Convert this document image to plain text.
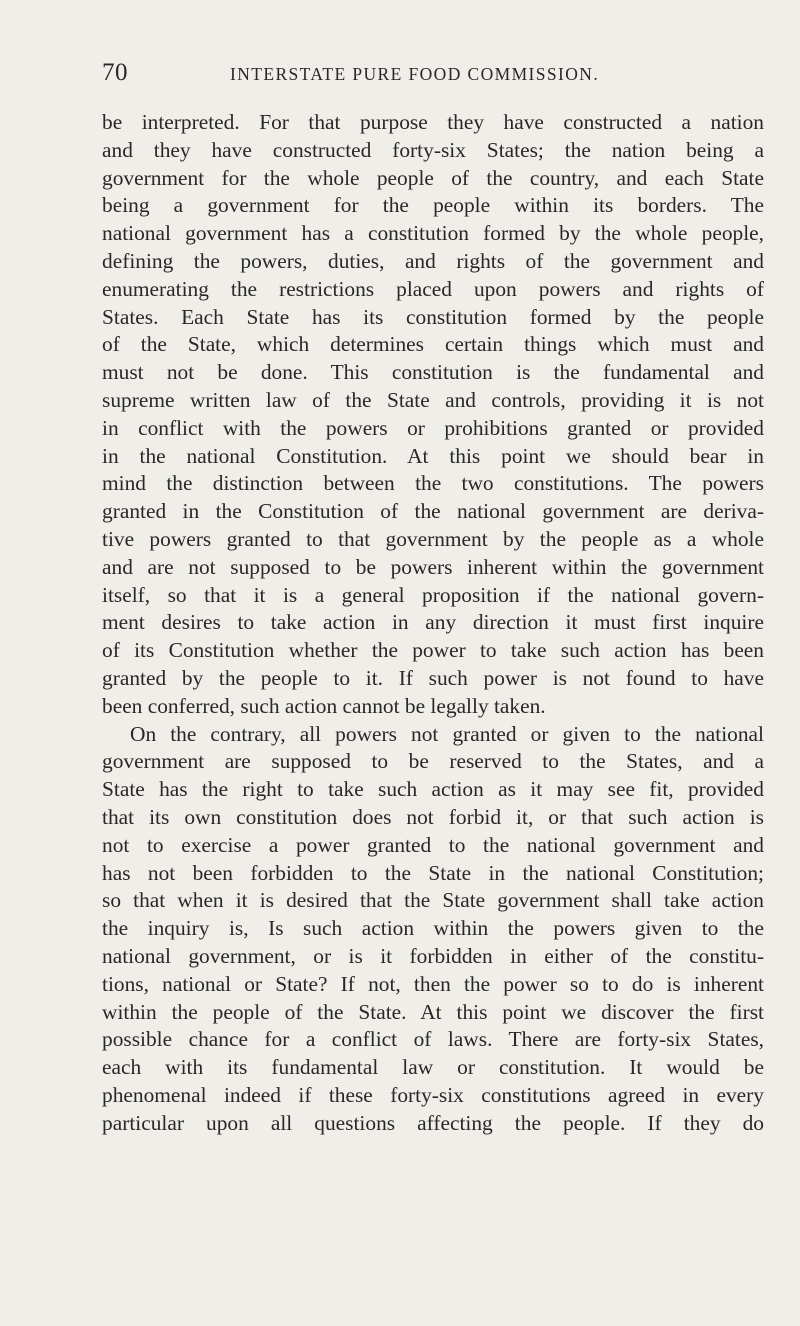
70	INTERSTATE PURE FOOD COMMISSION.
be interpreted. For that purpose they have constructed a nation
and they have constructed forty-six States; the nation being a
government for the whole people of the country, and each State
being a government for the people within its borders. The
national government has a constitution formed by the whole people,
defining the powers, duties, and rights of the government and
enumerating the restrictions placed upon powers and rights of
States. Each State has its constitution formed by the people
of the State, which determines certain things which must and
must not be done. This constitution is the fundamental and
supreme written law of the State and controls, providing it is not
in conflict with the powers or prohibitions granted or provided
in the national Constitution. At this point we should bear in
mind the distinction between the two constitutions. The powers
granted in the Constitution of the national government are deriva-
tive powers granted to that government by the people as a whole
and are not supposed to be powers inherent within the government
itself, so that it is a general proposition if the national govern-
ment desires to take action in any direction it must first inquire
of its Constitution whether the power to take such action has been
granted by the people to it. If such power is not found to have
been conferred, such action cannot be legally taken.
On the contrary, all powers not granted or given to the national
government are supposed to be reserved to the States, and a
State has the right to take such action as it may see fit, provided
that its own constitution does not forbid it, or that such action is
not to exercise a power granted to the national government and
has not been forbidden to the State in the national Constitution;
so that when it is desired that the State government shall take action
the inquiry is, Is such action within the powers given to the
national government, or is it forbidden in either of the constitu-
tions, national or State? If not, then the power so to do is inherent
within the people of the State. At this point we discover the first
possible chance for a conflict of laws. There are forty-six States,
each with its fundamental law or constitution. It would be
phenomenal indeed if these forty-six constitutions agreed in every
particular upon all questions affecting the people. If they do
